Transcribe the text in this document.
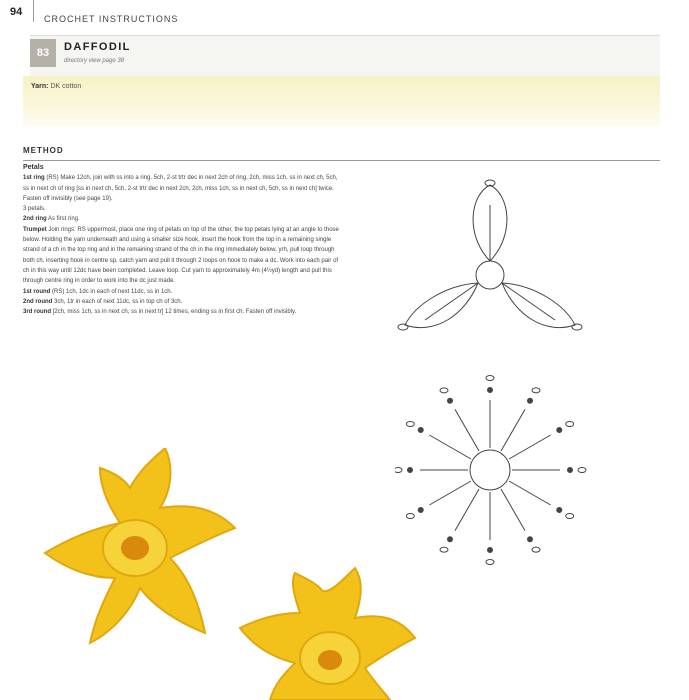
94
CROCHET INSTRUCTIONS
83	DAFFODIL
directory view page 38
Yarn: DK cotton
METHOD

Petals

1st ring (RS) Make 12ch, join with ss into a ring. 5ch, 2-st trtr dec in next 2ch of ring, 2ch, miss 1ch, ss in next ch, 5ch, ss in next ch of ring [ss in next ch, 5ch, 2-st trtr dec in next 2ch, 2ch, miss 1ch, ss in next ch, 5ch, ss in next ch] twice. Fasten off invisibly (see page 19).

3 petals.

2nd ring As first ring.

Trumpet Join rings: RS uppermost, place one ring of petals on top of the other, the top petals lying at an angle to those below. Holding the yarn underneath and using a smaller size hook, insert the hook from the top in a remaining single strand of a ch in the top ring and in the remaining strand of the ch in the ring immediately below, yrh, pull loop through both ch, inserting hook in centre sp, catch yarn and pull it through 2 loops on hook to make a dc. Work into each pair of ch in this way until 12dc have been completed. Leave loop. Cut yarn to approximately 4m (4½yd) length and pull this through centre ring in order to work into the dc just made.

1st round (RS) 1ch, 1dc in each of next 11dc, ss in 1ch.

2nd round 3ch, 1tr in each of next 11dc, ss in top ch of 3ch.

3rd round [2ch, miss 1ch, ss in next ch, ss in next tr] 12 times, ending ss in first ch. Fasten off invisibly.
